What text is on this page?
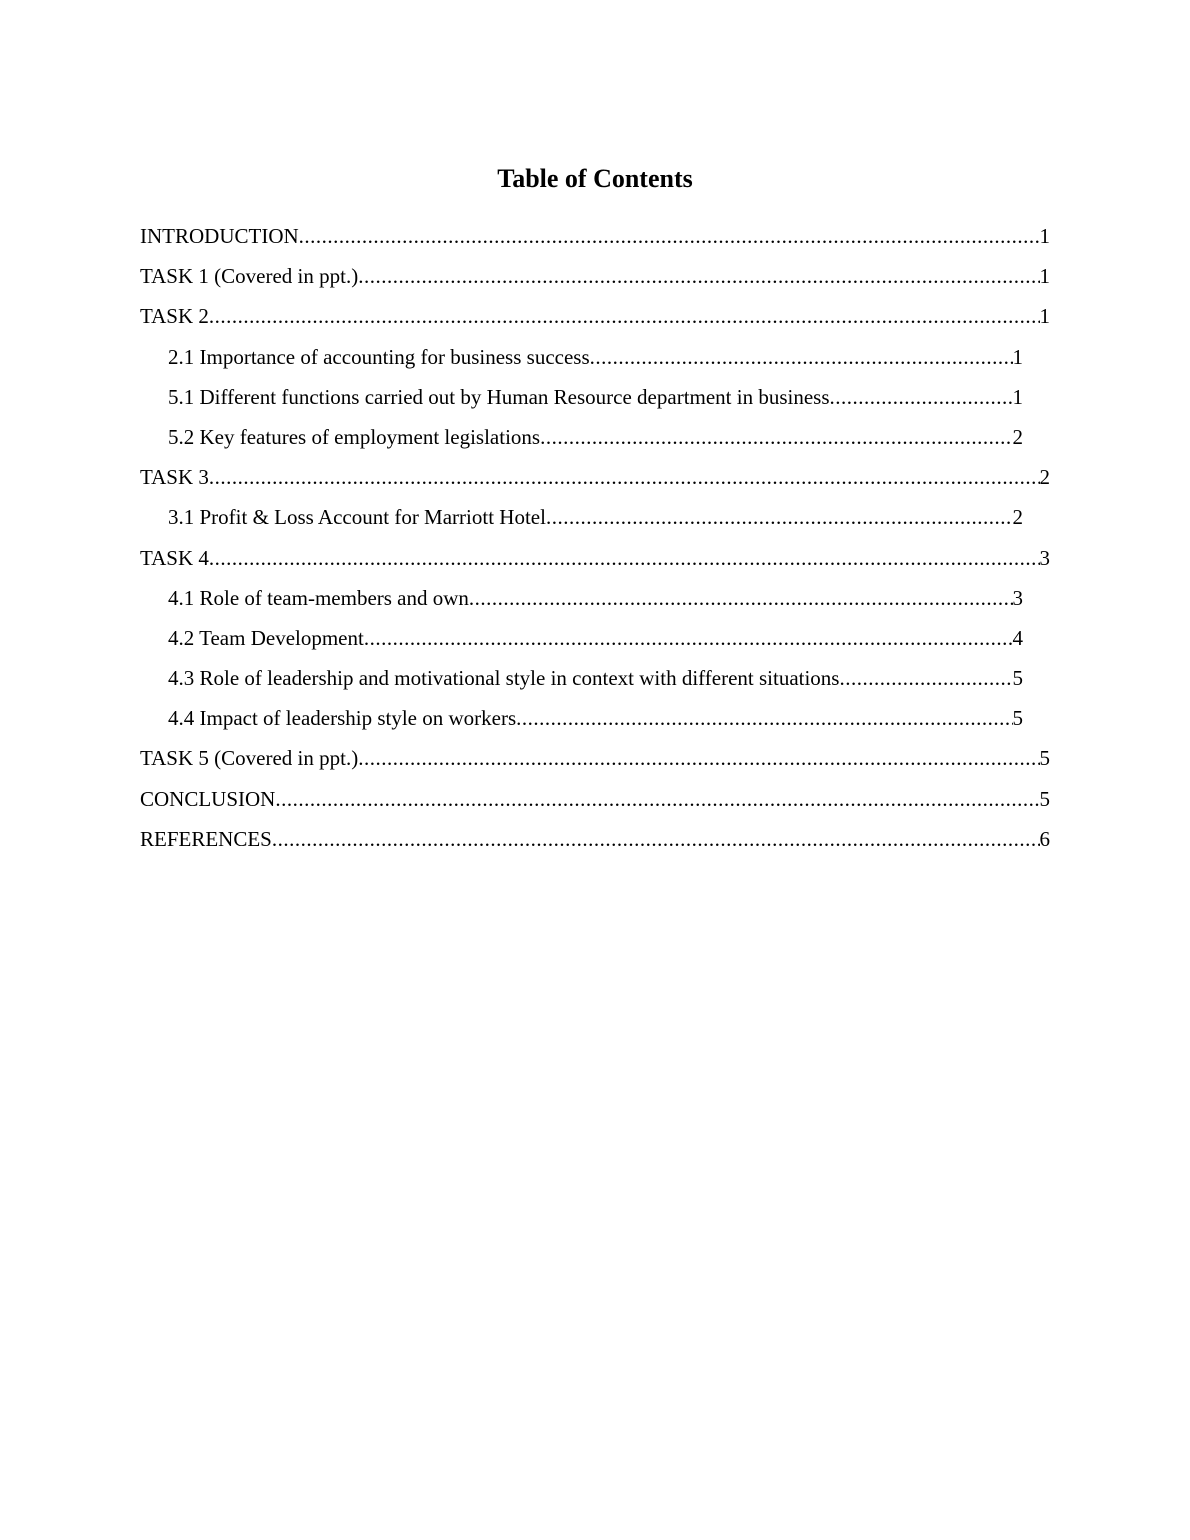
Table of Contents
INTRODUCTION .....	1
TASK 1 (Covered in ppt.) .....	1
TASK 2 .....	1
2.1 Importance of accounting for business success .....	1
5.1 Different functions carried out by Human Resource department in business .....	1
5.2 Key features of employment legislations .....	2
TASK 3 .....	2
3.1 Profit & Loss Account for Marriott Hotel .....	2
TASK 4 .....	3
4.1 Role of team-members and own .....	3
4.2 Team Development .....	4
4.3 Role of leadership and motivational style in context with different situations .....	5
4.4 Impact of leadership style on workers .....	5
TASK 5 (Covered in ppt.) .....	5
CONCLUSION .....	5
REFERENCES .....	6
